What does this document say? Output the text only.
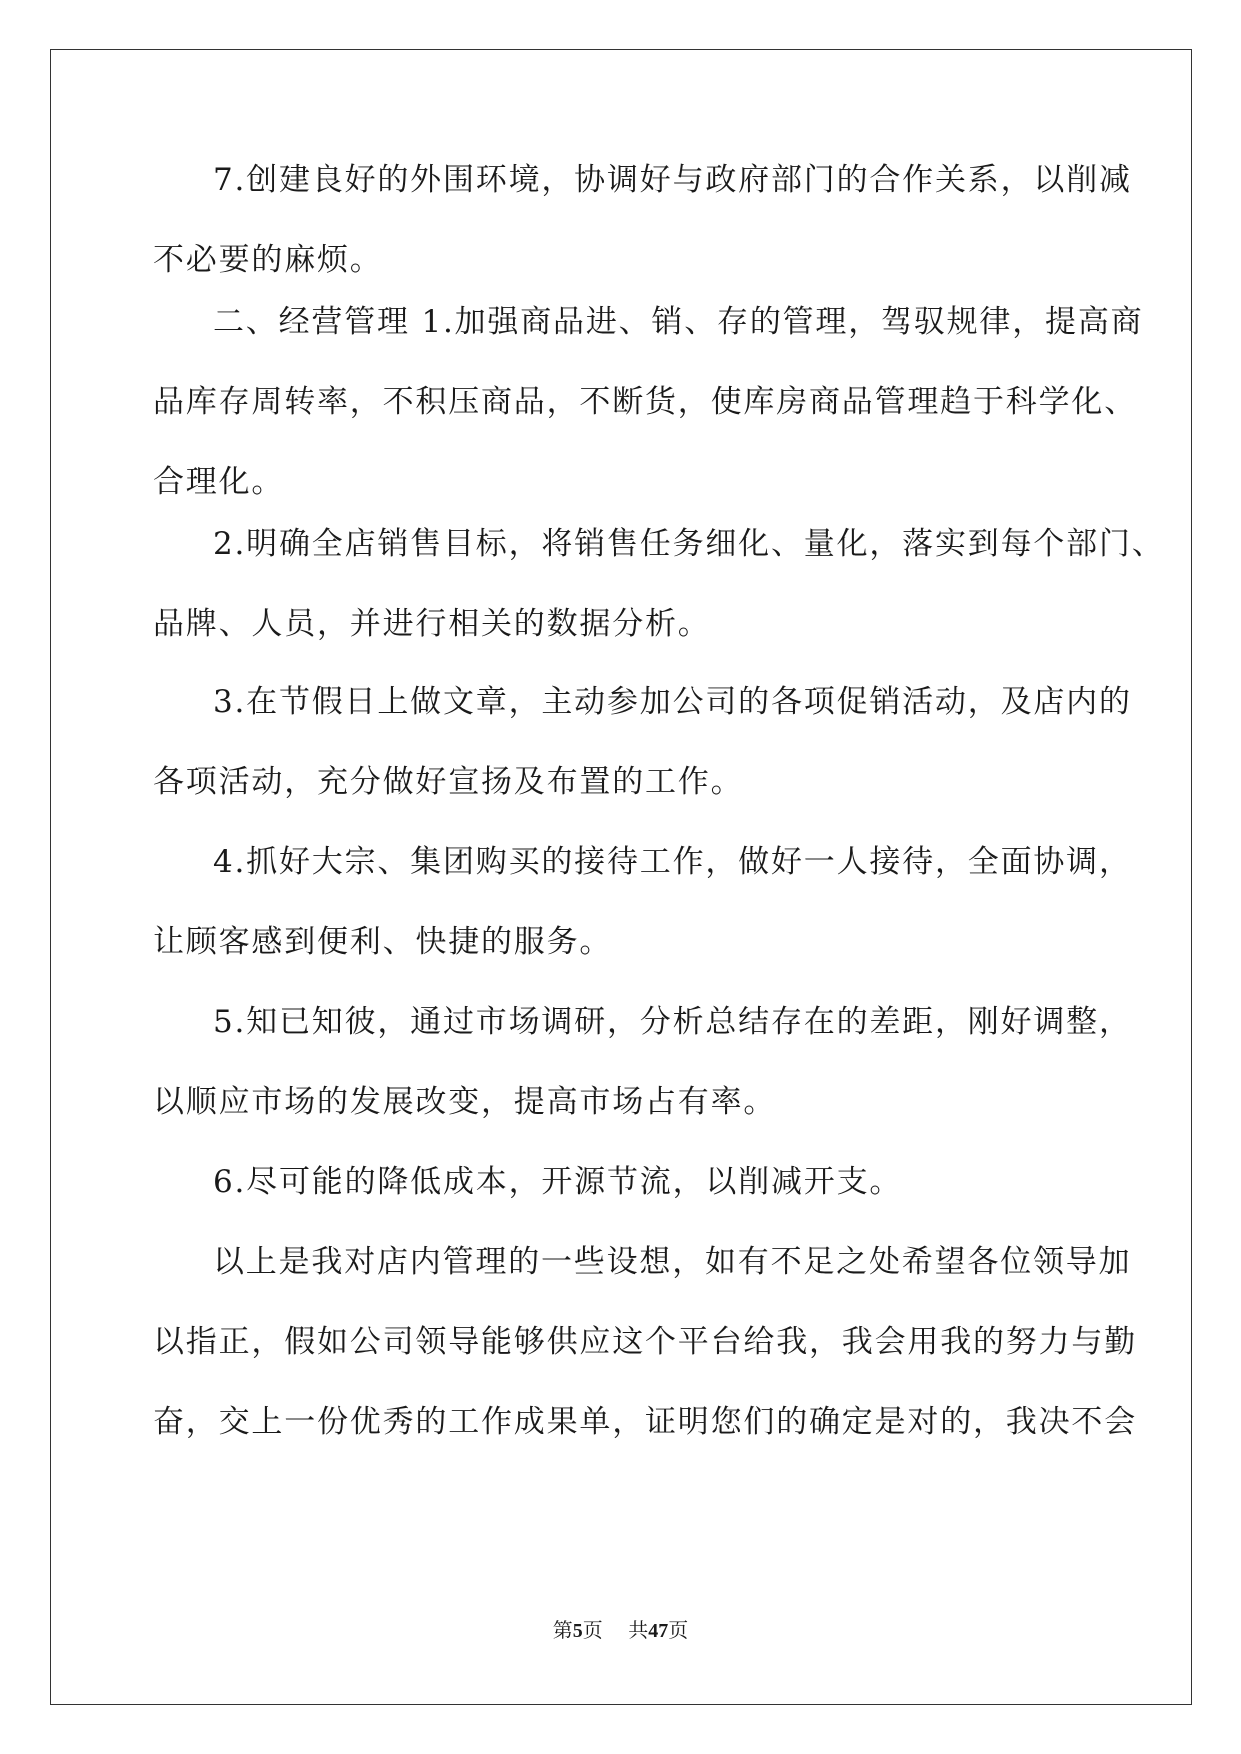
7.创建良好的外围环境，协调好与政府部门的合作关系，以削减
不必要的麻烦。
二、经营管理 1.加强商品进、销、存的管理，驾驭规律，提高商
品库存周转率，不积压商品，不断货，使库房商品管理趋于科学化、
合理化。
2.明确全店销售目标，将销售任务细化、量化，落实到每个部门、
品牌、人员，并进行相关的数据分析。
3.在节假日上做文章，主动参加公司的各项促销活动，及店内的
各项活动，充分做好宣扬及布置的工作。
4.抓好大宗、集团购买的接待工作，做好一人接待，全面协调，
让顾客感到便利、快捷的服务。
5.知已知彼，通过市场调研，分析总结存在的差距，刚好调整，
以顺应市场的发展改变，提高市场占有率。
6.尽可能的降低成本，开源节流，以削减开支。
以上是我对店内管理的一些设想，如有不足之处希望各位领导加
以指正，假如公司领导能够供应这个平台给我，我会用我的努力与勤
奋，交上一份优秀的工作成果单，证明您们的确定是对的，我决不会
第5页 共47页
